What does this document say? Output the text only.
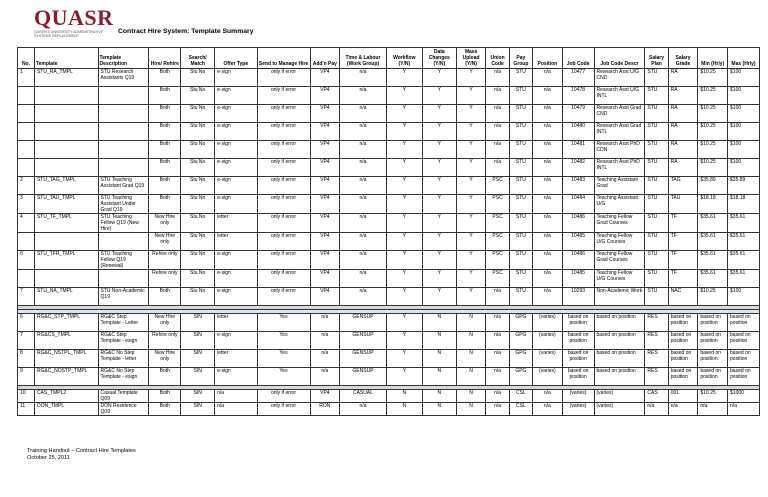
QUASR
QUEEN'S UNIVERSITY ADMINISTRATIVE SYSTEMS REPLACEMENT
Contract Hire System: Template Summary
No.	Template	Template Description	Hire/ Rehire	Search/ Match	Offer Type	Send to Manage Hire	Add'n Pay	Time & Labour (Work Group)	Workflow (Y/N)	Data Changes (Y/N)	Mass Upload (Y/N)	Union Code	Pay Group	Position	Job Code	Job Code Descr	Salary Plan	Salary Grade	Min (Hrly)	Max (Hrly)
1	STU_RA_TMPL	STU Research Assistants Q19	Both	Stu No	e-sign	only if error	VP4	n/a	Y	Y	Y	n/a	STU	n/a	10477	Research Asst U/G CND	STU	RA	$10.25	$100
			Both	Stu No	e-sign	only if error	VP4	n/a	Y	Y	Y	n/a	STU	n/a	10478	Research Asst U/G INTL	STU	RA	$10.25	$100
			Both	Stu No	e-sign	only if error	VP4	n/a	Y	Y	Y	n/a	STU	n/a	10479	Research Asst Grad CND	STU	RA	$10.25	$100
			Both	Stu No	e-sign	only if error	VP4	n/a	Y	Y	Y	n/a	STU	n/a	10480	Research Asst Grad INTL	STU	RA	$10.25	$100
			Both	Stu No	e-sign	only if error	VP4	n/a	Y	Y	Y	n/a	STU	n/a	10481	Research Asst PhD CDN	STU	RA	$10.25	$100
			Both	Stu No	e-sign	only if error	VP4	n/a	Y	Y	Y	n/a	STU	n/a	10482	Research Asst PhD INTL	STU	RA	$10.25	$100
2	STU_TAG_TMPL	STU Teaching Assistant Grad Q19	Both	Stu No	e-sign	only if error	VP4	n/a	Y	Y	Y	PSC	STU	n/a	10483	Teaching Assistant Grad	STU	TAG	$35.89	$35.89
3	STU_TAU_TMPL	STU Teaching Assistant Under Grad Q19	Both	Stu No	e-sign	only if error	VP4	n/a	Y	Y	Y	PSC	STU	n/a	10484	Teaching Assistant U/G	STU	TAU	$18.18	$18.18
4	STU_TF_TMPL	STU Teaching Fellow Q19 (New Hire)	New Hire only	Stu No	letter	only if error	VP4	n/a	Y	Y	Y	PSC	STU	n/a	10486	Teaching Fellow Grad Courses	STU	TF	$35.61	$35.61
			New Hire only	Stu No	letter	only if error	VP4	n/a	Y	Y	Y	PSC	STU	n/a	10485	Teaching Fellow U/G Courses	STU	TF	$35.61	$35.61
6	STU_TFR_TMPL	STU Teaching Fellow Q19 (Renewal)	Rehire only	Stu No	e-sign	only if error	VP4	n/a	Y	Y	Y	PSC	STU	n/a	10486	Teaching Fellow Grad Courses	STU	TF	$35.61	$35.61
			Rehire only	Stu No	e-sign	only if error	VP4	n/a	Y	Y	Y	PSC	STU	n/a	10485	Teaching Fellow U/G Courses	STU	TF	$35.61	$35.61
7	STU_NA_TMPL	STU Non-Academic Q19	Both	Stu No	e-sign	only if error	VP4	n/a	Y	Y	Y	n/a	STU	n/a	10293	Non-Academic Work	STU	NAC	$10.25	$100

6	RG&C_STP_TMPL	RG&C Step Template - Letter	New Hire only	SIN	letter	Yes	n/a	GENSUP	Y	N	N	n/a	GPG	(varies)	based on position	based on position	RES	based on position	based on position	based on position
7	RG&CS_TMPL	RG&C Step Template - esign	Rehire only	SIN	e-sign	Yes	n/a	GENSUP	Y	N	N	n/a	GPG	(varies)	based on position	based on position	RES	based on position	based on position	based on position
8	RG&C_NSTPL_TMPL	RG&C No Step Template - letter	New Hire only	SIN	letter	Yes	n/a	GENSUP	Y	N	N	n/a	GPG	(varies)	based on position	based on position	RES	based on position	based on position	based on position
9	RG&C_NOSTP_TMPL	RG&C No Step Template - esign	Both	SIN	e-sign	Yes	n/a	GENSUP	Y	N	N	n/a	GPG	(varies)	based on position	based on position	RES	based on position	based on position	based on position

10	CAS_TMPL2	Casual Template Q09	Both	SIN	n/a	only if error	VP4	CASUAL	N	N	N	n/a	CSL	n/a	(varies)	(varies)	CAS	001	$10.25	$1000
11	DON_TMPL	DON Residence Q09	Both	SIN	n/a	only if error	RON	n/a	N	N	N	n/a	CSL	n/a	(varies)	(varies)	n/a	n/a	n/a	n/a
Training Handout – Contract Hire Templates
October 25, 2011
